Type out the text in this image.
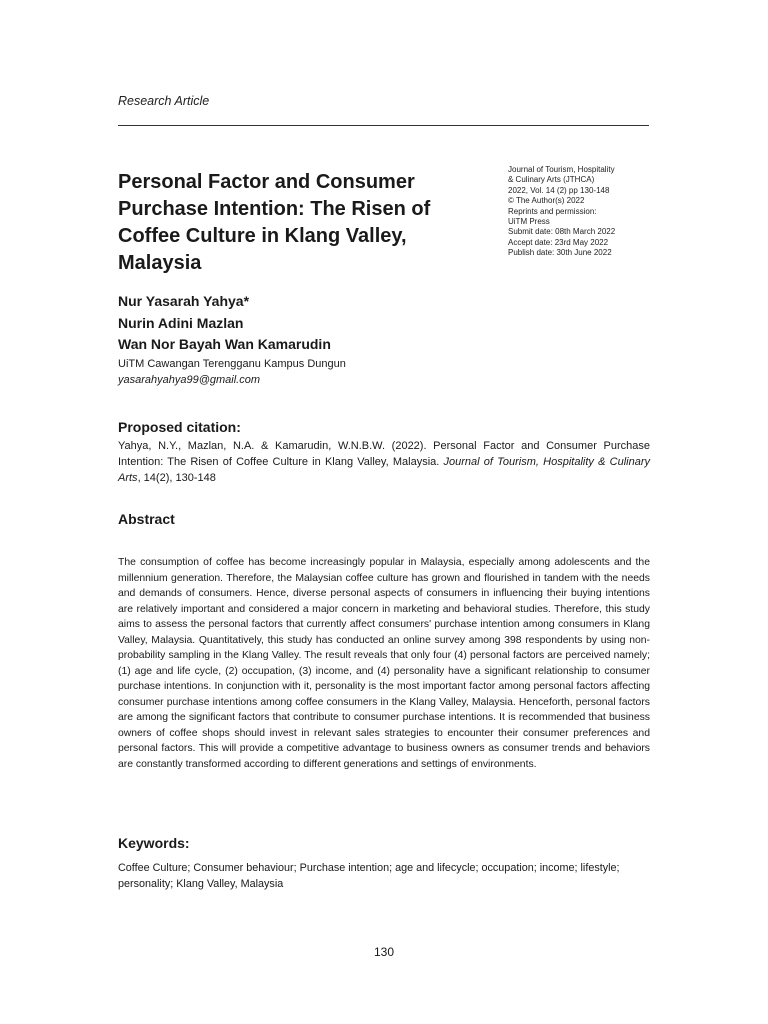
Research Article
Personal Factor and Consumer Purchase Intention: The Risen of Coffee Culture in Klang Valley, Malaysia
Journal of Tourism, Hospitality
& Culinary Arts (JTHCA)
2022, Vol. 14 (2) pp 130-148
© The Author(s) 2022
Reprints and permission:
UiTM Press
Submit date: 08th March 2022
Accept date: 23rd May 2022
Publish date: 30th June 2022
Nur Yasarah Yahya*
Nurin Adini Mazlan
Wan Nor Bayah Wan Kamarudin
UiTM Cawangan Terengganu Kampus Dungun
yasarahyahya99@gmail.com
Proposed citation:
Yahya, N.Y., Mazlan, N.A. & Kamarudin, W.N.B.W. (2022). Personal Factor and Consumer Purchase Intention: The Risen of Coffee Culture in Klang Valley, Malaysia. Journal of Tourism, Hospitality & Culinary Arts, 14(2), 130-148
Abstract

The consumption of coffee has become increasingly popular in Malaysia, especially among adolescents and the millennium generation. Therefore, the Malaysian coffee culture has grown and flourished in tandem with the needs and demands of consumers. Hence, diverse personal aspects of consumers in influencing their buying intentions are relatively important and considered a major concern in marketing and behavioral studies. Therefore, this study aims to assess the personal factors that currently affect consumers' purchase intention among consumers in Klang Valley, Malaysia. Quantitatively, this study has conducted an online survey among 398 respondents by using non-probability sampling in the Klang Valley. The result reveals that only four (4) personal factors are perceived namely; (1) age and life cycle, (2) occupation, (3) income, and (4) personality have a significant relationship to consumer purchase intentions. In conjunction with it, personality is the most important factor among personal factors affecting consumer purchase intentions among coffee consumers in the Klang Valley, Malaysia. Henceforth, personal factors are among the significant factors that contribute to consumer purchase intentions. It is recommended that business owners of coffee shops should invest in relevant sales strategies to encounter their consumer preferences and personal factors. This will provide a competitive advantage to business owners as consumer trends and behaviors are constantly transformed according to different generations and settings of environments.

Keywords:

Coffee Culture; Consumer behaviour; Purchase intention; age and lifecycle; occupation; income; lifestyle; personality; Klang Valley, Malaysia

130
